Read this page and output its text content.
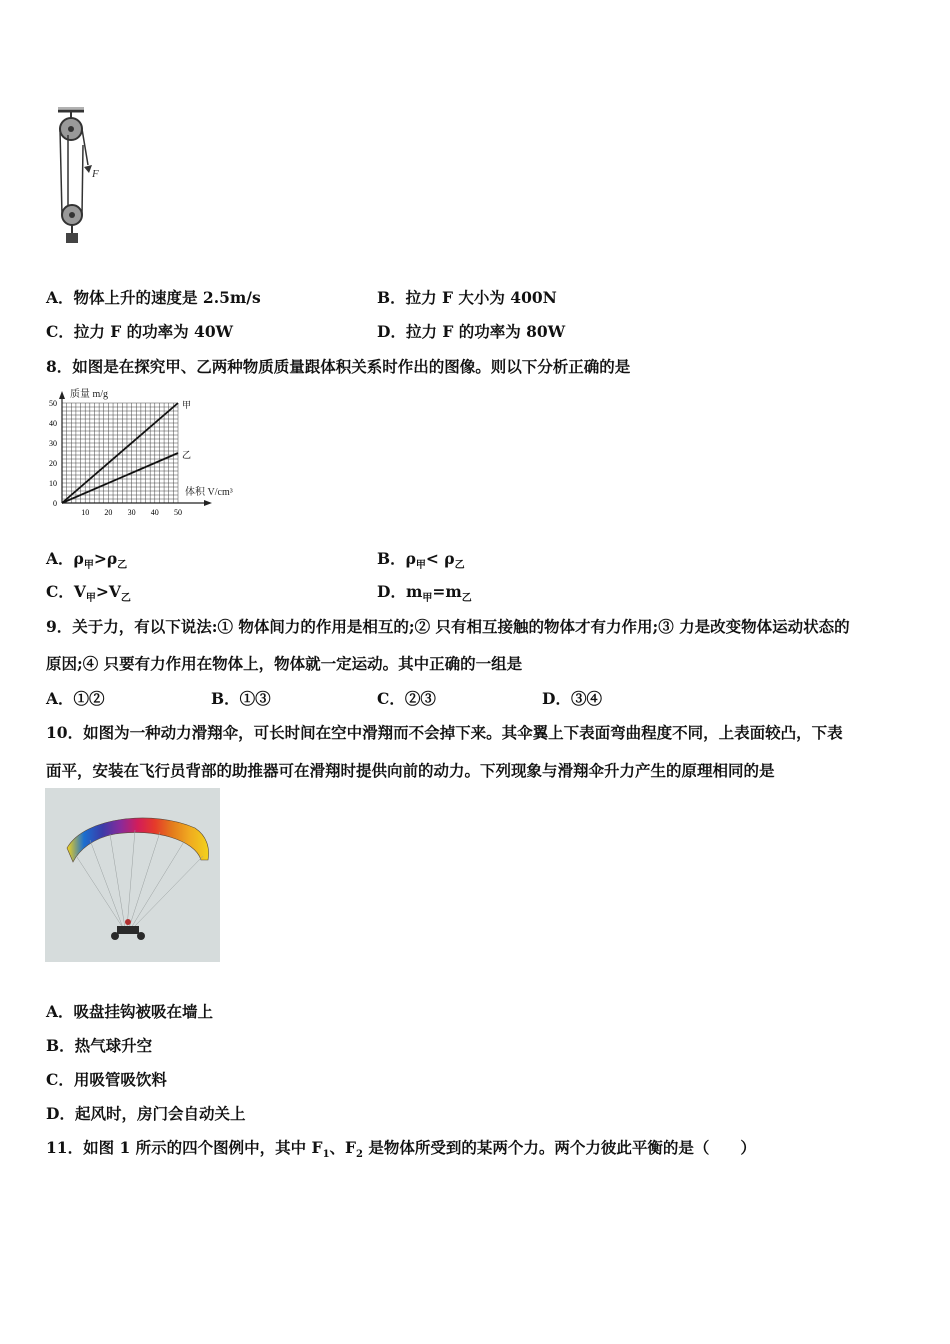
F
A．物体上升的速度是 2.5m/s	B．拉力 F 大小为 400N
C．拉力 F 的功率为 40W	D．拉力 F 的功率为 80W
8．如图是在探究甲、乙两种物质质量跟体积关系时作出的图像。则以下分析正确的是
0
10
20
30
40
50
10 20 30 40 50
甲
乙
质量 m/g
体积 V/cm³
A．$\rho_甲>\rho_乙$	B．$\rho_甲< \rho_乙$
C．$V_甲>V_乙$	D．$m_甲=m_乙$
9．关于力，有以下说法:① 物体间力的作用是相互的;② 只有相互接触的物体才有力作用;③ 力是改变物体运动状态的
原因;④ 只要有力作用在物体上，物体就一定运动。其中正确的一组是
A．①②	B．①③	C．②③	D．③④
10．如图为一种动力滑翔伞，可长时间在空中滑翔而不会掉下来。其伞翼上下表面弯曲程度不同，上表面较凸，下表
面平，安装在飞行员背部的助推器可在滑翔时提供向前的动力。下列现象与滑翔伞升力产生的原理相同的是
A．吸盘挂钩被吸在墙上
B．热气球升空
C．用吸管吸饮料
D．起风时，房门会自动关上
11．如图 1 所示的四个图例中，其中 $F_1$、$F_2$ 是物体所受到的某两个力。两个力彼此平衡的是（　　）
